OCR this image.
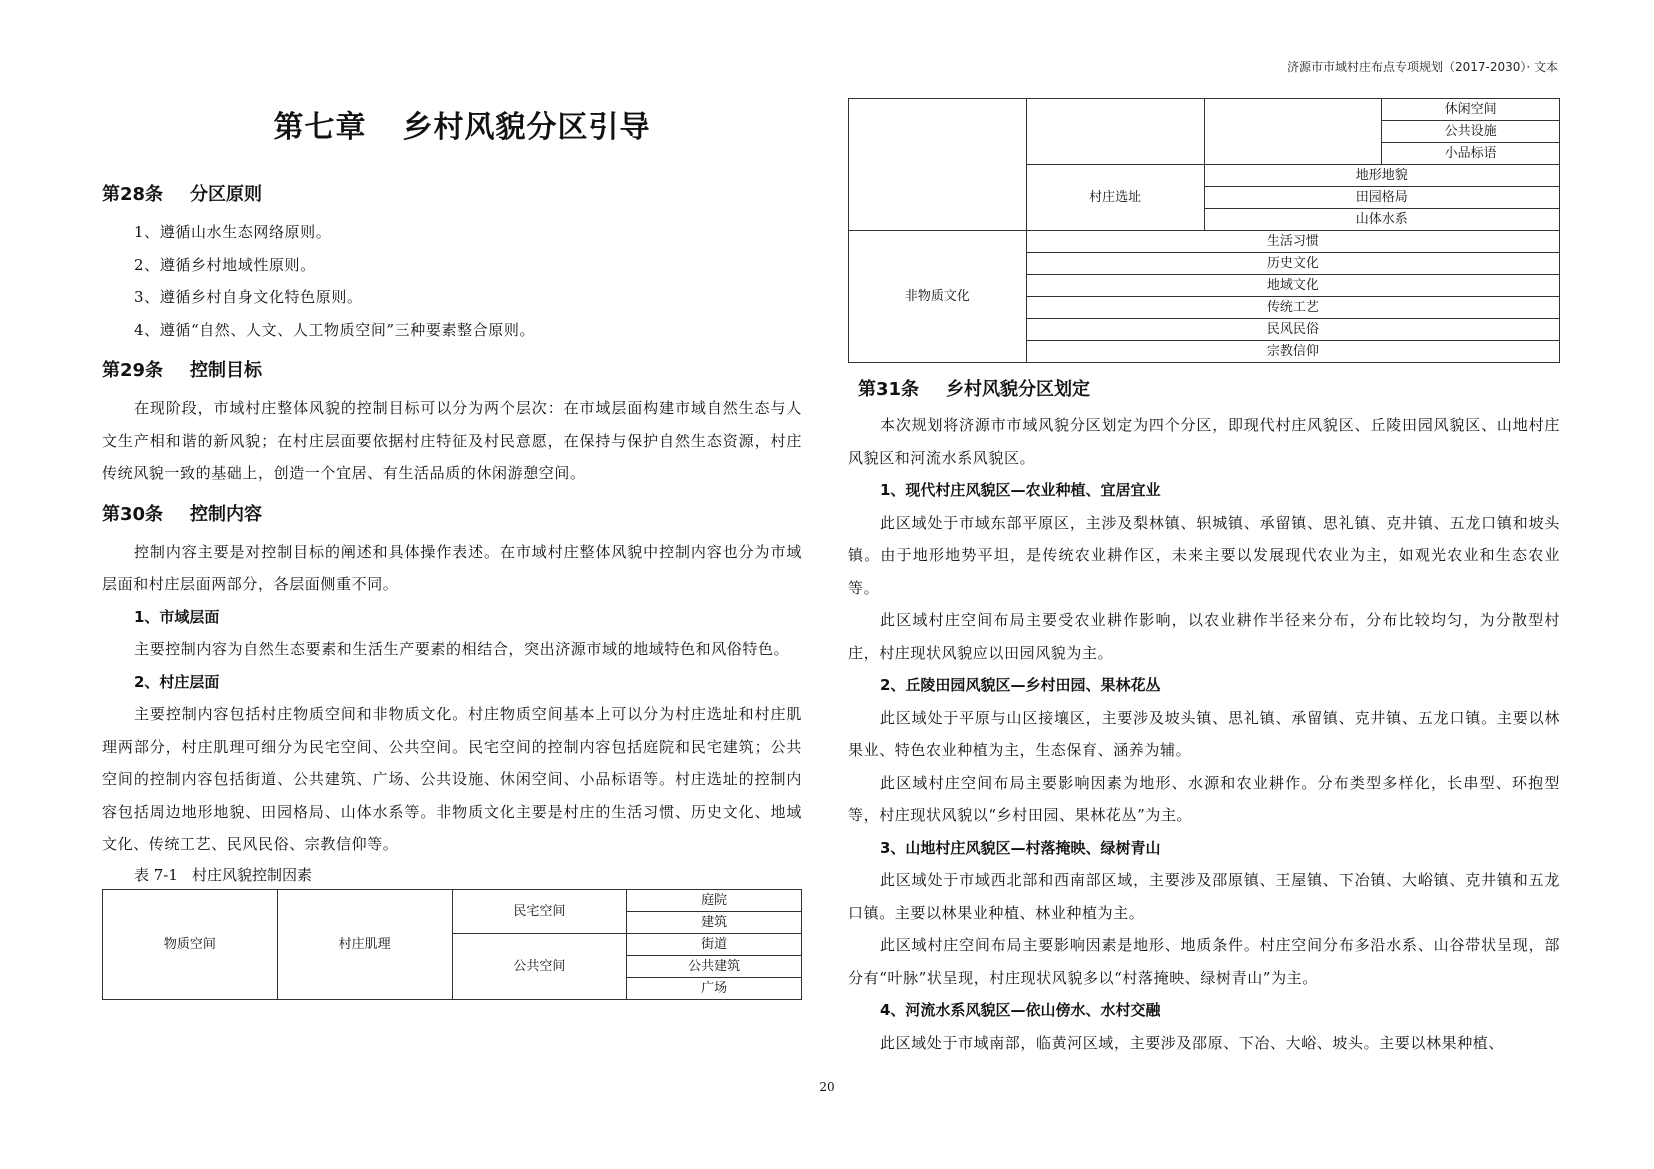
济源市市域村庄布点专项规划（2017-2030）· 文本
第七章 乡村风貌分区引导
第28条 分区原则

1、遵循山水生态网络原则。

2、遵循乡村地域性原则。

3、遵循乡村自身文化特色原则。

4、遵循“自然、人文、人工物质空间”三种要素整合原则。

第29条 控制目标

在现阶段，市域村庄整体风貌的控制目标可以分为两个层次：在市域层面构建市域自然生态与人文生产相和谐的新风貌；在村庄层面要依据村庄特征及村民意愿，在保持与保护自然生态资源，村庄传统风貌一致的基础上，创造一个宜居、有生活品质的休闲游憩空间。

第30条 控制内容

控制内容主要是对控制目标的阐述和具体操作表述。在市域村庄整体风貌中控制内容也分为市域层面和村庄层面两部分，各层面侧重不同。

1、市域层面

主要控制内容为自然生态要素和生活生产要素的相结合，突出济源市域的地域特色和风俗特色。

2、村庄层面

主要控制内容包括村庄物质空间和非物质文化。村庄物质空间基本上可以分为村庄选址和村庄肌理两部分，村庄肌理可细分为民宅空间、公共空间。民宅空间的控制内容包括庭院和民宅建筑；公共空间的控制内容包括街道、公共建筑、广场、公共设施、休闲空间、小品标语等。村庄选址的控制内容包括周边地形地貌、田园格局、山体水系等。非物质文化主要是村庄的生活习惯、历史文化、地域文化、传统工艺、民风民俗、宗教信仰等。

表 7-1 村庄风貌控制因素

物质空间	村庄肌理	民宅空间	庭院
			建筑
		公共空间	街道
			公共建筑
			广场
			休闲空间
			公共设施
			小品标语
	村庄选址	地形地貌	
		田园格局	
		山体水系	
非物质文化	生活习惯		
	历史文化		
	地域文化		
	传统工艺		
	民风民俗		
	宗教信仰		
第31条 乡村风貌分区划定

本次规划将济源市市域风貌分区划定为四个分区，即现代村庄风貌区、丘陵田园风貌区、山地村庄风貌区和河流水系风貌区。

1、现代村庄风貌区—农业种植、宜居宜业

此区域处于市域东部平原区，主涉及梨林镇、轵城镇、承留镇、思礼镇、克井镇、五龙口镇和坡头镇。由于地形地势平坦，是传统农业耕作区，未来主要以发展现代农业为主，如观光农业和生态农业等。

此区域村庄空间布局主要受农业耕作影响，以农业耕作半径来分布，分布比较均匀，为分散型村庄，村庄现状风貌应以田园风貌为主。

2、丘陵田园风貌区—乡村田园、果林花丛

此区域处于平原与山区接壤区，主要涉及坡头镇、思礼镇、承留镇、克井镇、五龙口镇。主要以林果业、特色农业种植为主，生态保育、涵养为辅。

此区域村庄空间布局主要影响因素为地形、水源和农业耕作。分布类型多样化，长串型、环抱型等，村庄现状风貌以“乡村田园、果林花丛”为主。

3、山地村庄风貌区—村落掩映、绿树青山

此区域处于市域西北部和西南部区域，主要涉及邵原镇、王屋镇、下冶镇、大峪镇、克井镇和五龙口镇。主要以林果业种植、林业种植为主。

此区域村庄空间布局主要影响因素是地形、地质条件。村庄空间分布多沿水系、山谷带状呈现，部分有“叶脉”状呈现，村庄现状风貌多以“村落掩映、绿树青山”为主。

4、河流水系风貌区—依山傍水、水村交融

此区域处于市域南部，临黄河区域，主要涉及邵原、下冶、大峪、坡头。主要以林果种植、

20
